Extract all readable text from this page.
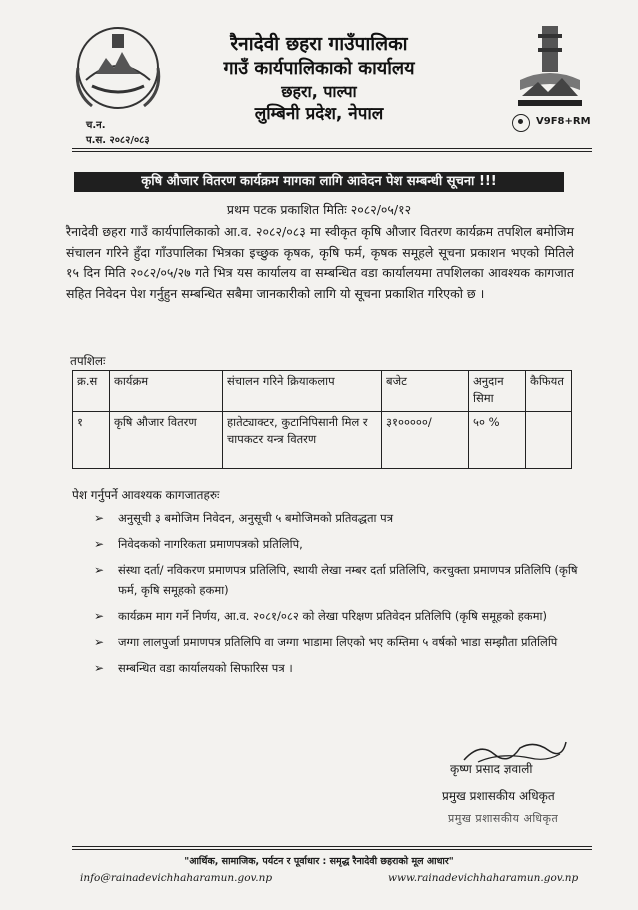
रैनादेवी छहरा गाउँपालिका
गाउँ कार्यपालिकाको कार्यालय
छहरा, पाल्पा
लुम्बिनी प्रदेश, नेपाल
च.न.
प.स. २०८२/०८३
V9F8+RM
कृषि औजार वितरण कार्यक्रम मागका लागि आवेदन पेश सम्बन्धी सूचना !!!
प्रथम पटक प्रकाशित मितिः २०८२/०५/१२
रैनादेवी छहरा गाउँ कार्यपालिकाको आ.व. २०८२/०८३ मा स्वीकृत कृषि औजार वितरण कार्यक्रम तपशिल बमोजिम संचालन गरिने हुँदा गाँउपालिका भित्रका इच्छुक कृषक, कृषि फर्म, कृषक समूहले सूचना प्रकाशन भएको मितिले १५ दिन मिति २०८२/०५/२७ गते भित्र यस कार्यालय वा सम्बन्धित वडा कार्यालयमा तपशिलका आवश्यक कागजात सहित निवेदन पेश गर्नुहुन सम्बन्धित सबैमा जानकारीको लागि यो सूचना प्रकाशित गरिएको छ ।
तपशिलः
क्र.स	कार्यक्रम	संचालन गरिने क्रियाकलाप	बजेट	अनुदान सिमा	कैफियत
१	कृषि औजार वितरण	हातेट्याक्टर, कुटानिपिसानी मिल र चापकटर यन्त्र वितरण	३१०००००/	५० %	
पेश गर्नुपर्ने आवश्यक कागजातहरुः
➢ अनुसूची ३ बमोजिम निवेदन, अनुसूची ५ बमोजिमको प्रतिवद्धता पत्र
➢ निवेदकको नागरिकता प्रमाणपत्रको प्रतिलिपि,
➢ संस्था दर्ता/ नविकरण प्रमाणपत्र प्रतिलिपि, स्थायी लेखा नम्बर दर्ता प्रतिलिपि, करचुक्ता प्रमाणपत्र प्रतिलिपि (कृषि फर्म, कृषि समूहको हकमा)
➢ कार्यक्रम माग गर्ने निर्णय, आ.व. २०८१/०८२ को लेखा परिक्षण प्रतिवेदन प्रतिलिपि (कृषि समूहको हकमा)
➢ जग्गा लालपुर्जा प्रमाणपत्र प्रतिलिपि वा जग्गा भाडामा लिएको भए कम्तिमा ५ वर्षको भाडा सम्झौता प्रतिलिपि
➢ सम्बन्धित वडा कार्यालयको सिफारिस पत्र ।
कृष्ण प्रसाद ज्ञवाली
प्रमुख प्रशासकीय अधिकृत
प्रमुख प्रशासकीय अधिकृत
"आर्थिक, सामाजिक, पर्यटन र पूर्वाधार : समृद्ध रैनादेवी छहराको मूल आधार"
info@rainadevichhaharamun.gov.np	www.rainadevichhaharamun.gov.np
